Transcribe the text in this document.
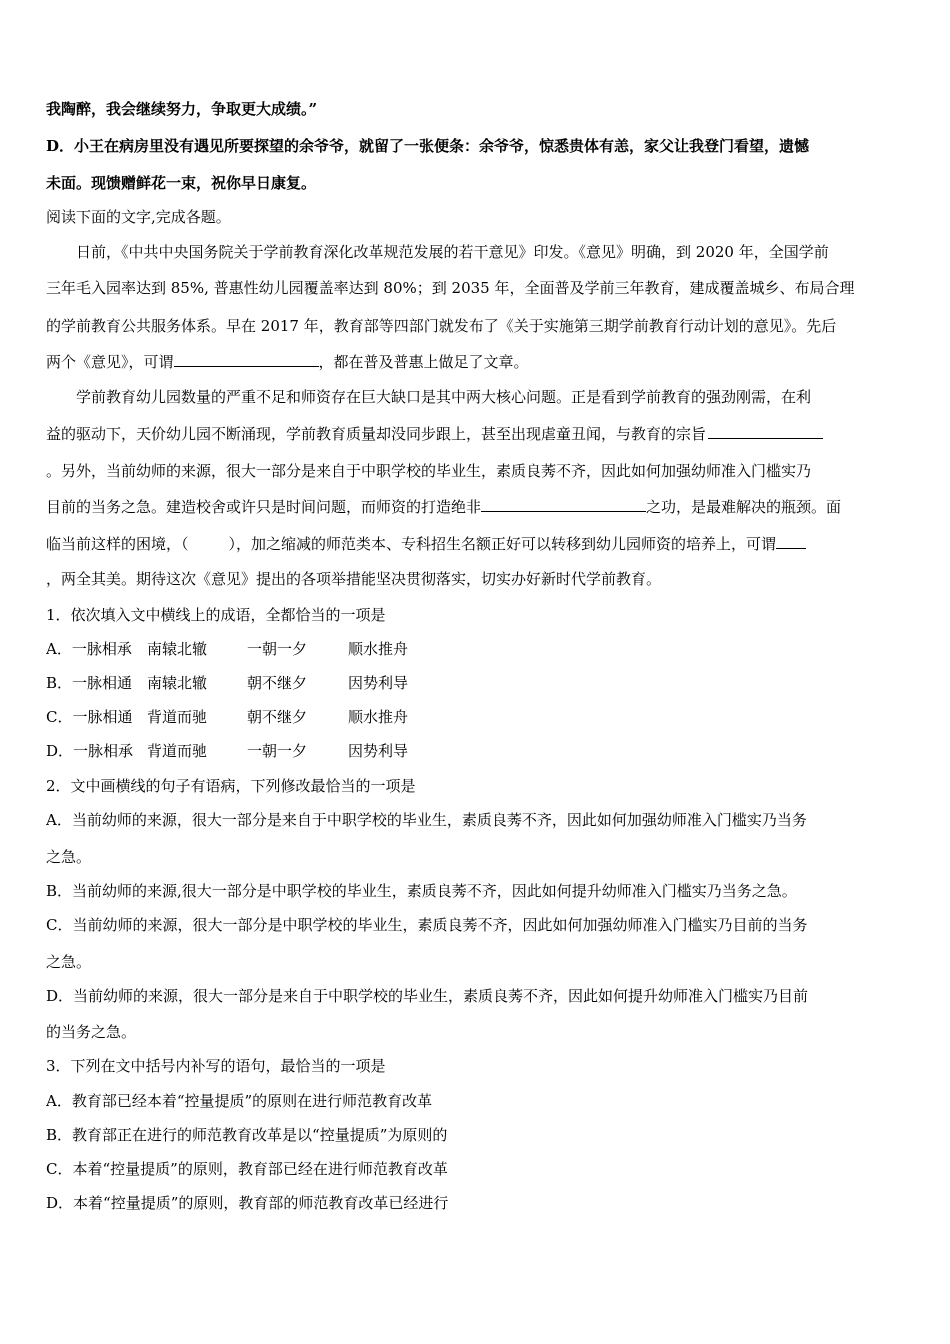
我陶醉，我会继续努力，争取更大成绩。”
D．小王在病房里没有遇见所要探望的余爷爷，就留了一张便条：余爷爷，惊悉贵体有恙，家父让我登门看望，遗憾
未面。现馈赠鲜花一束，祝你早日康复。
阅读下面的文字,完成各题。
日前，《中共中央国务院关于学前教育深化改革规范发展的若干意见》印发。《意见》明确，到 2020 年，全国学前
三年毛入园率达到 85%, 普惠性幼儿园覆盖率达到 80%；到 2035 年，全面普及学前三年教育，建成覆盖城乡、布局合理
的学前教育公共服务体系。早在 2017 年，教育部等四部门就发布了《关于实施第三期学前教育行动计划的意见》。先后
两个《意见》，可谓	，都在普及普惠上做足了文章。
学前教育幼儿园数量的严重不足和师资存在巨大缺口是其中两大核心问题。正是看到学前教育的强劲刚需，在利
益的驱动下，天价幼儿园不断涌现，学前教育质量却没同步跟上，甚至出现虐童丑闻，与教育的宗旨
。另外，当前幼师的来源，很大一部分是来自于中职学校的毕业生，素质良莠不齐，因此如何加强幼师准入门槛实乃
目前的当务之急。建造校舍或许只是时间问题，而师资的打造绝非	之功，是最难解决的瓶颈。面
临当前这样的困境，（	），加之缩减的师范类本、专科招生名额正好可以转移到幼儿园师资的培养上，可谓
，两全其美。期待这次《意见》提出的各项举措能坚决贯彻落实，切实办好新时代学前教育。
1．依次填入文中横线上的成语，全都恰当的一项是
A．一脉相承 南辕北辙	一朝一夕	顺水推舟
B．一脉相通 南辕北辙	朝不继夕	因势利导
C．一脉相通 背道而驰	朝不继夕	顺水推舟
D．一脉相承 背道而驰	一朝一夕	因势利导
2．文中画横线的句子有语病，下列修改最恰当的一项是
A．当前幼师的来源，很大一部分是来自于中职学校的毕业生，素质良莠不齐，因此如何加强幼师准入门槛实乃当务
之急。
B．当前幼师的来源,很大一部分是中职学校的毕业生，素质良莠不齐，因此如何提升幼师准入门槛实乃当务之急。
C．当前幼师的来源，很大一部分是中职学校的毕业生，素质良莠不齐，因此如何加强幼师准入门槛实乃目前的当务
之急。
D．当前幼师的来源，很大一部分是来自于中职学校的毕业生，素质良莠不齐，因此如何提升幼师准入门槛实乃目前
的当务之急。
3．下列在文中括号内补写的语句，最恰当的一项是
A．教育部已经本着“控量提质”的原则在进行师范教育改革
B．教育部正在进行的师范教育改革是以“控量提质”为原则的
C．本着“控量提质”的原则，教育部已经在进行师范教育改革
D．本着“控量提质”的原则，教育部的师范教育改革已经进行
